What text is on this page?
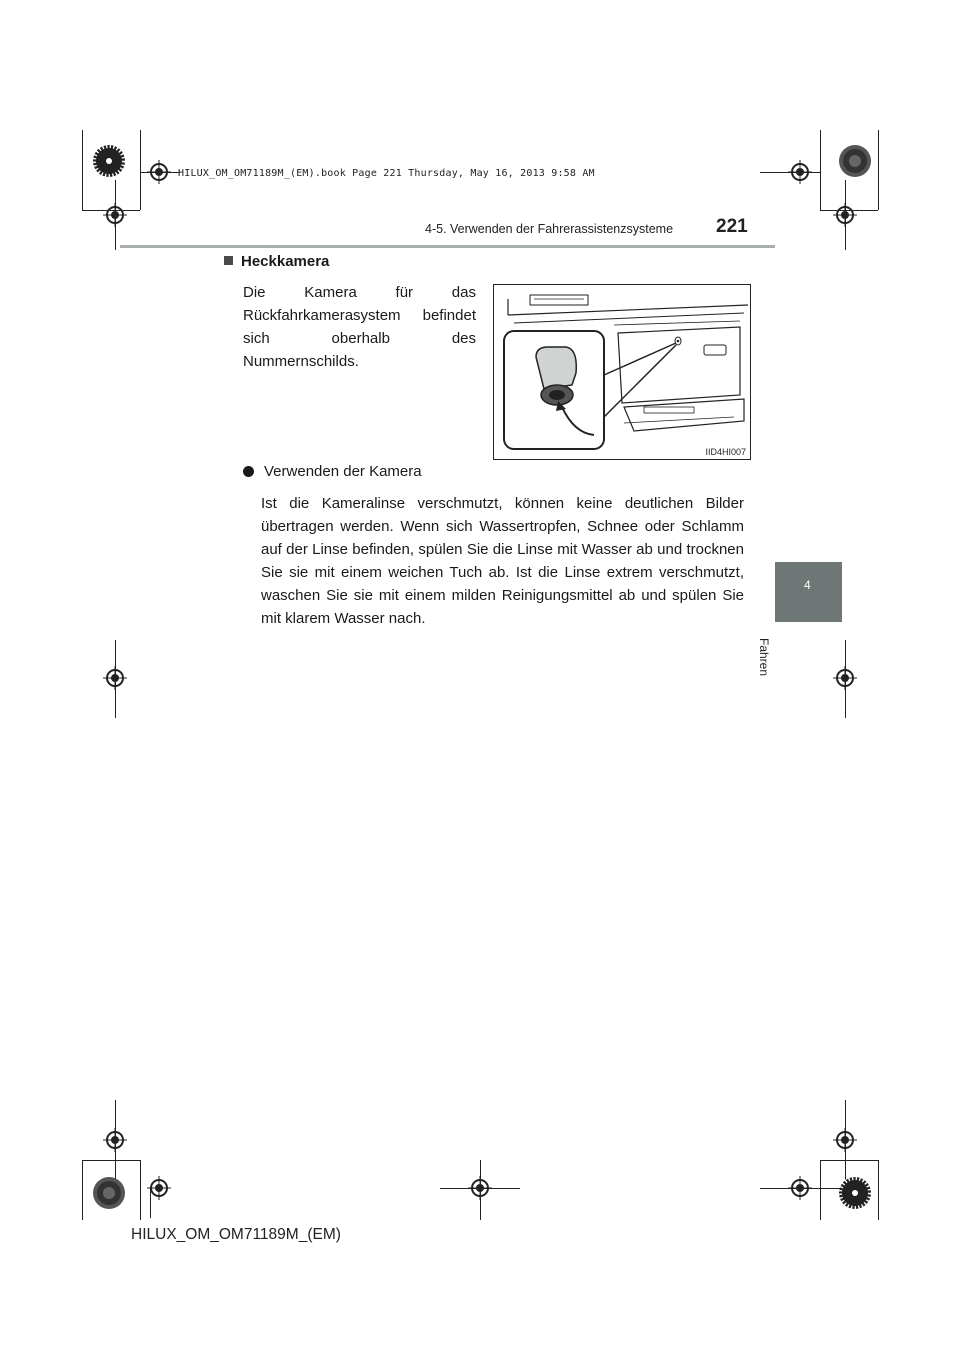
HILUX_OM_OM71189M_(EM).book Page 221 Thursday, May 16, 2013 9:58 AM
4-5. Verwenden der Fahrerassistenzsysteme 221
4
Fahren
Heckkamera
Die Kamera für das Rückfahrkamerasystem befindet sich oberhalb des Nummernschilds.
IID4HI007
Verwenden der Kamera
Ist die Kameralinse verschmutzt, können keine deutlichen Bilder übertragen werden. Wenn sich Wassertropfen, Schnee oder Schlamm auf der Linse befinden, spülen Sie die Linse mit Wasser ab und trocknen Sie sie mit einem weichen Tuch ab. Ist die Linse extrem verschmutzt, waschen Sie sie mit einem milden Reinigungsmittel ab und spülen Sie mit klarem Wasser nach.
HILUX_OM_OM71189M_(EM)
